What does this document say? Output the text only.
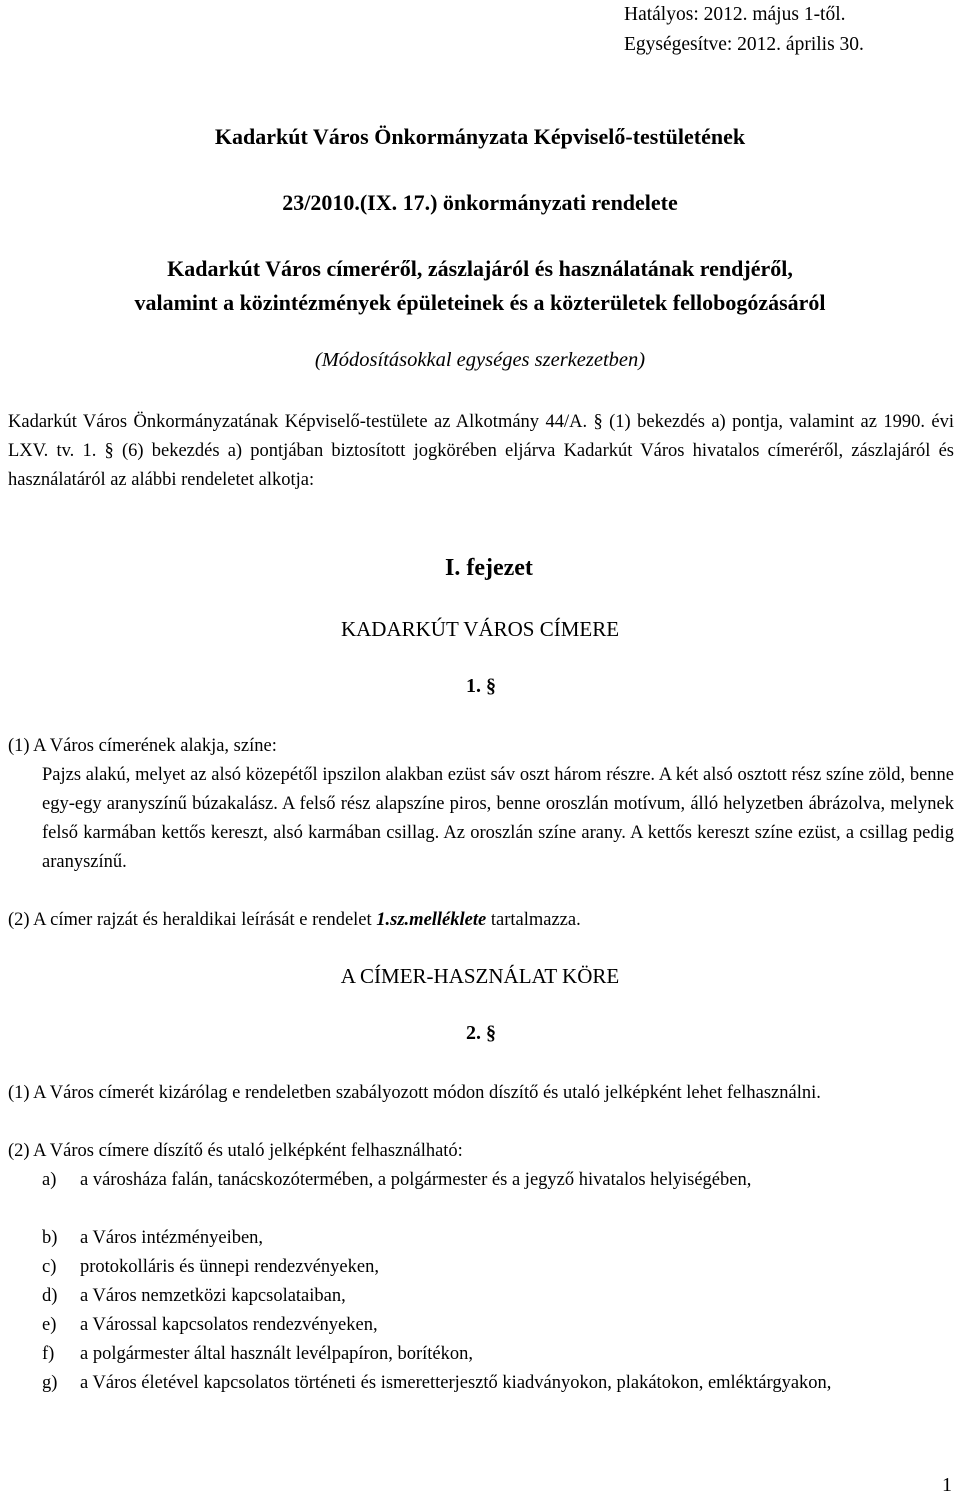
Hatályos: 2012. május 1-től.
Egységesítve: 2012. április 30.
Kadarkút Város Önkormányzata Képviselő-testületének
23/2010.(IX. 17.) önkormányzati rendelete
Kadarkút Város címeréről, zászlajáról és használatának rendjéről,
valamint a közintézmények épületeinek és a közterületek fellobogózásáról
(Módosításokkal egységes szerkezetben)
Kadarkút Város Önkormányzatának Képviselő-testülete az Alkotmány 44/A. § (1) bekezdés a) pontja, valamint az 1990. évi LXV. tv. 1. § (6) bekezdés a) pontjában biztosított jogkörében eljárva Kadarkút Város hivatalos címeréről, zászlajáról és használatáról az alábbi rendeletet alkotja:
I. fejezet
KADARKÚT VÁROS CÍMERE
1. §
(1) A Város címerének alakja, színe:
Pajzs alakú, melyet az alsó közepétől ipszilon alakban ezüst sáv oszt három részre. A két alsó osztott rész színe zöld, benne egy-egy aranyszínű búzakalász. A felső rész alapszíne piros, benne oroszlán motívum, álló helyzetben ábrázolva, melynek felső karmában kettős kereszt, alsó karmában csillag. Az oroszlán színe arany. A kettős kereszt színe ezüst, a csillag pedig aranyszínű.
(2) A címer rajzát és heraldikai leírását e rendelet 1.sz.melléklete tartalmazza.
A CÍMER-HASZNÁLAT KÖRE
2. §
(1) A Város címerét kizárólag e rendeletben szabályozott módon díszítő és utaló jelképként lehet felhasználni.
(2) A Város címere díszítő és utaló jelképként felhasználható:
a) a városháza falán, tanácskozótermében, a polgármester és a jegyző hivatalos helyiségében,
b) a Város intézményeiben,
c) protokolláris és ünnepi rendezvényeken,
d) a Város nemzetközi kapcsolataiban,
e) a Várossal kapcsolatos rendezvényeken,
f) a polgármester által használt levélpapíron, borítékon,
g) a Város életével kapcsolatos történeti és ismeretterjesztő kiadványokon, plakátokon, emléktárgyakon,
1
